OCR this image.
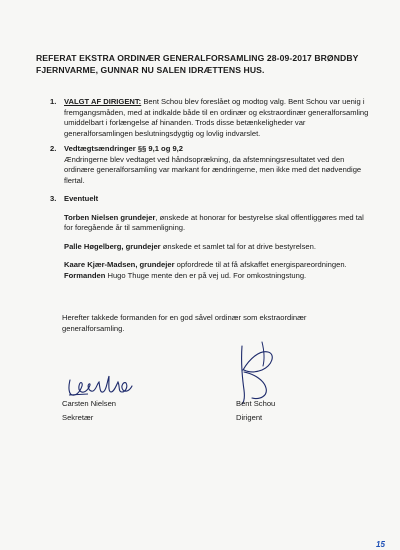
REFERAT EKSTRA ORDINÆR GENERALFORSAMLING 28-09-2017 BRØNDBY
FJERNVARME, GUNNAR NU SALEN IDRÆTTENS HUS.
1. VALGT AF DIRIGENT: Bent Schou blev foreslået og modtog valg. Bent Schou var uenig i fremgangsmåden, med at indkalde både til en ordinær og ekstraordinær generalforsamling umiddelbart i forlængelse af hinanden. Trods disse betænkeligheder var generalforsamlingen beslutningsdygtig og lovlig indvarslet.
2. Vedtægtsændringer §§ 9,1 og 9,2
Ændringerne blev vedtaget ved håndsoprækning, da afstemningsresultatet ved den ordinære generalforsamling var markant for ændringerne, men ikke med det nødvendige flertal.
3. Eventuelt
Torben Nielsen grundejer, ønskede at honorar for bestyrelse skal offentliggøres med tal for foregående år til sammenligning.
Palle Høgelberg, grundejer ønskede et samlet tal for at drive bestyrelsen.
Kaare Kjær-Madsen, grundejer opfordrede til at få afskaffet energispareordningen. Formanden Hugo Thuge mente den er på vej ud. For omkostningstung.
Herefter takkede formanden for en god såvel ordinær som ekstraordinær generalforsamling.
Carsten Nielsen
Sekretær
Bent Schou
Dirigent
15
